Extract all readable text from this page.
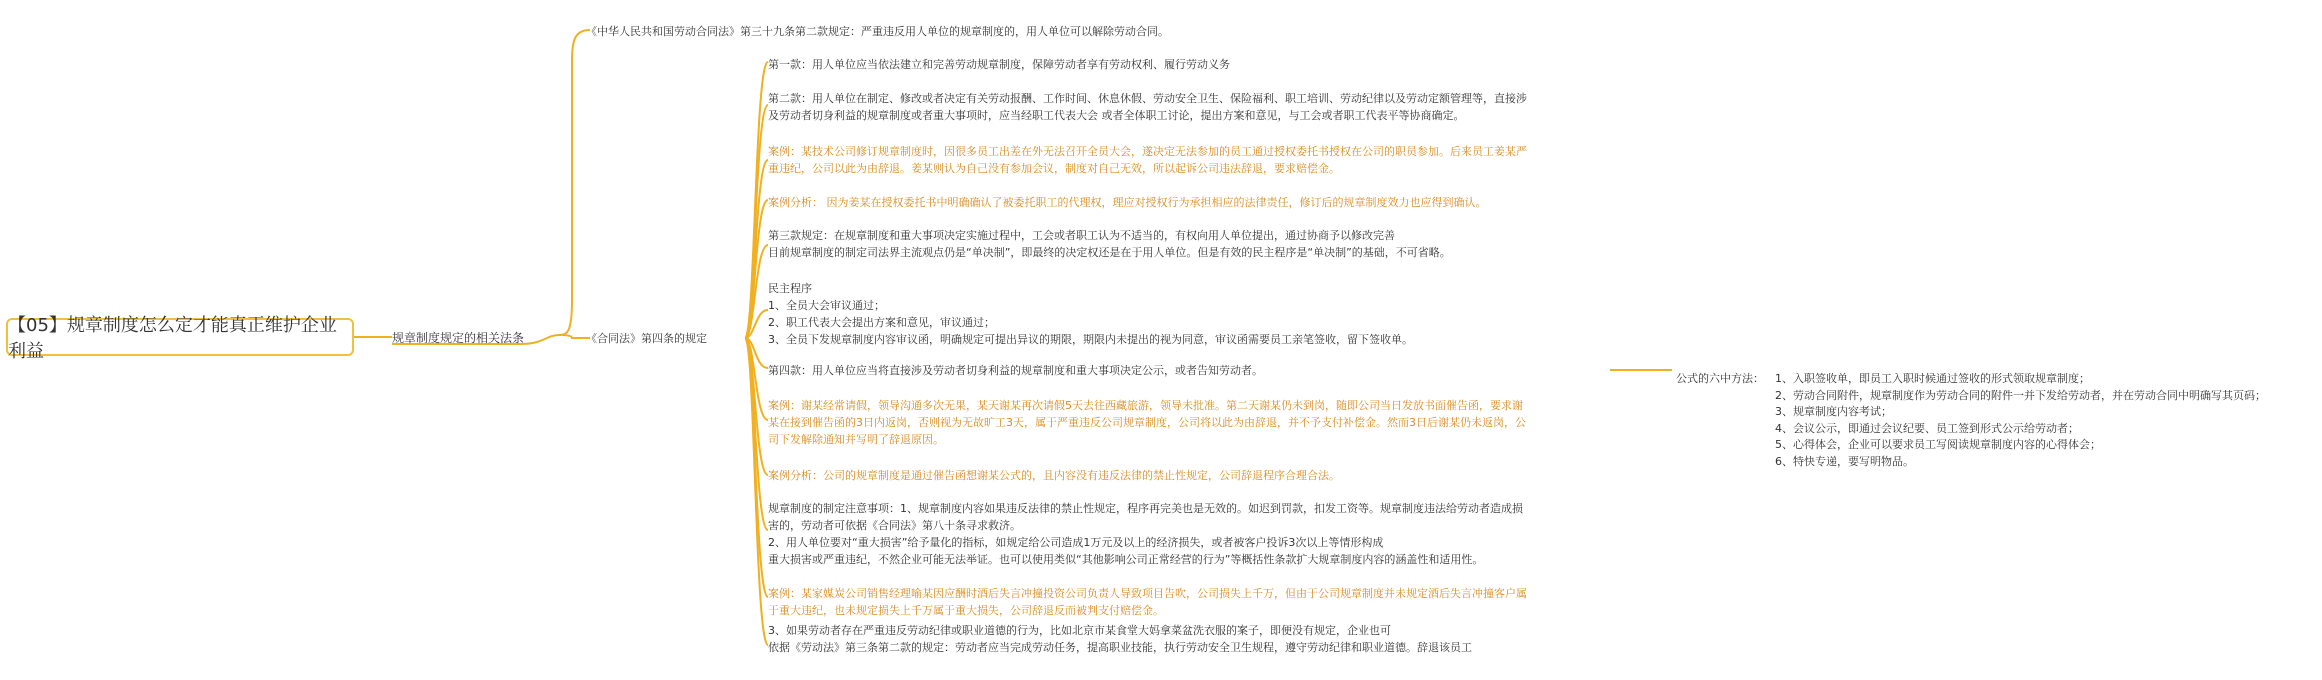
【05】规章制度怎么定才能真正维护企业利益
规章制度规定的相关法条
《中华人民共和国劳动合同法》第三十九条第二款规定：严重违反用人单位的规章制度的，用人单位可以解除劳动合同。
《合同法》第四条的规定
第一款：用人单位应当依法建立和完善劳动规章制度，保障劳动者享有劳动权利、履行劳动义务
第二款：用人单位在制定、修改或者决定有关劳动报酬、工作时间、休息休假、劳动安全卫生、保险福利、职工培训、劳动纪律以及劳动定额管理等，直接涉
及劳动者切身利益的规章制度或者重大事项时，应当经职工代表大会 或者全体职工讨论，提出方案和意见，与工会或者职工代表平等协商确定。
案例：某技术公司修订规章制度时，因很多员工出差在外无法召开全员大会，遂决定无法参加的员工通过授权委托书授权在公司的职员参加。后来员工姜某严
重违纪，公司以此为由辞退。姜某则认为自己没有参加会议，制度对自己无效，所以起诉公司违法辞退，要求赔偿金。
案例分析： 因为姜某在授权委托书中明确确认了被委托职工的代理权，理应对授权行为承担相应的法律责任，修订后的规章制度效力也应得到确认。
第三款规定：在规章制度和重大事项决定实施过程中，工会或者职工认为不适当的，有权向用人单位提出，通过协商予以修改完善
目前规章制度的制定司法界主流观点仍是“单决制”，即最终的决定权还是在于用人单位。但是有效的民主程序是“单决制”的基础，不可省略。
民主程序
1、全员大会审议通过；
2、职工代表大会提出方案和意见，审议通过；
3、全员下发规章制度内容审议函，明确规定可提出异议的期限，期限内未提出的视为同意，审议函需要员工亲笔签收，留下签收单。
第四款：用人单位应当将直接涉及劳动者切身利益的规章制度和重大事项决定公示，或者告知劳动者。
案例：谢某经常请假，领导沟通多次无果，某天谢某再次请假5天去往西藏旅游，领导未批准。第二天谢某仍未到岗，随即公司当日发放书面催告函，要求谢
某在接到催告函的3日内返岗，否则视为无故旷工3天，属于严重违反公司规章制度，公司将以此为由辞退，并不予支付补偿金。然而3日后谢某仍未返岗，公
司下发解除通知并写明了辞退原因。
案例分析：公司的规章制度是通过催告函想谢某公式的，且内容没有违反法律的禁止性规定，公司辞退程序合理合法。
规章制度的制定注意事项：1、规章制度内容如果违反法律的禁止性规定，程序再完美也是无效的。如迟到罚款，扣发工资等。规章制度违法给劳动者造成损
害的，劳动者可依据《合同法》第八十条寻求救济。
2、用人单位要对“重大损害”给予量化的指标，如规定给公司造成1万元及以上的经济损失，或者被客户投诉3次以上等情形构成
重大损害或严重违纪，不然企业可能无法举证。也可以使用类似“其他影响公司正常经营的行为”等概括性条款扩大规章制度内容的涵盖性和适用性。
案例：某家媒炭公司销售经理喻某因应酬时酒后失言冲撞投资公司负责人导致项目告吹，公司损失上千万，但由于公司规章制度并未规定酒后失言冲撞客户属
于重大违纪，也未规定损失上千万属于重大损失，公司辞退反而被判支付赔偿金。
3、如果劳动者存在严重违反劳动纪律或职业道德的行为，比如北京市某食堂大妈拿菜盆洗衣服的案子，即便没有规定，企业也可
依据《劳动法》第三条第二款的规定：劳动者应当完成劳动任务，提高职业技能，执行劳动安全卫生规程，遵守劳动纪律和职业道德。辞退该员工
公式的六中方法： 1、入职签收单，即员工入职时候通过签收的形式领取规章制度；
2、劳动合同附件，规章制度作为劳动合同的附件一并下发给劳动者，并在劳动合同中明确写其页码；
3、规章制度内容考试；
4、会议公示，即通过会议纪要、员工签到形式公示给劳动者；
5、心得体会，企业可以要求员工写阅读规章制度内容的心得体会；
6、特快专递，要写明物品。
